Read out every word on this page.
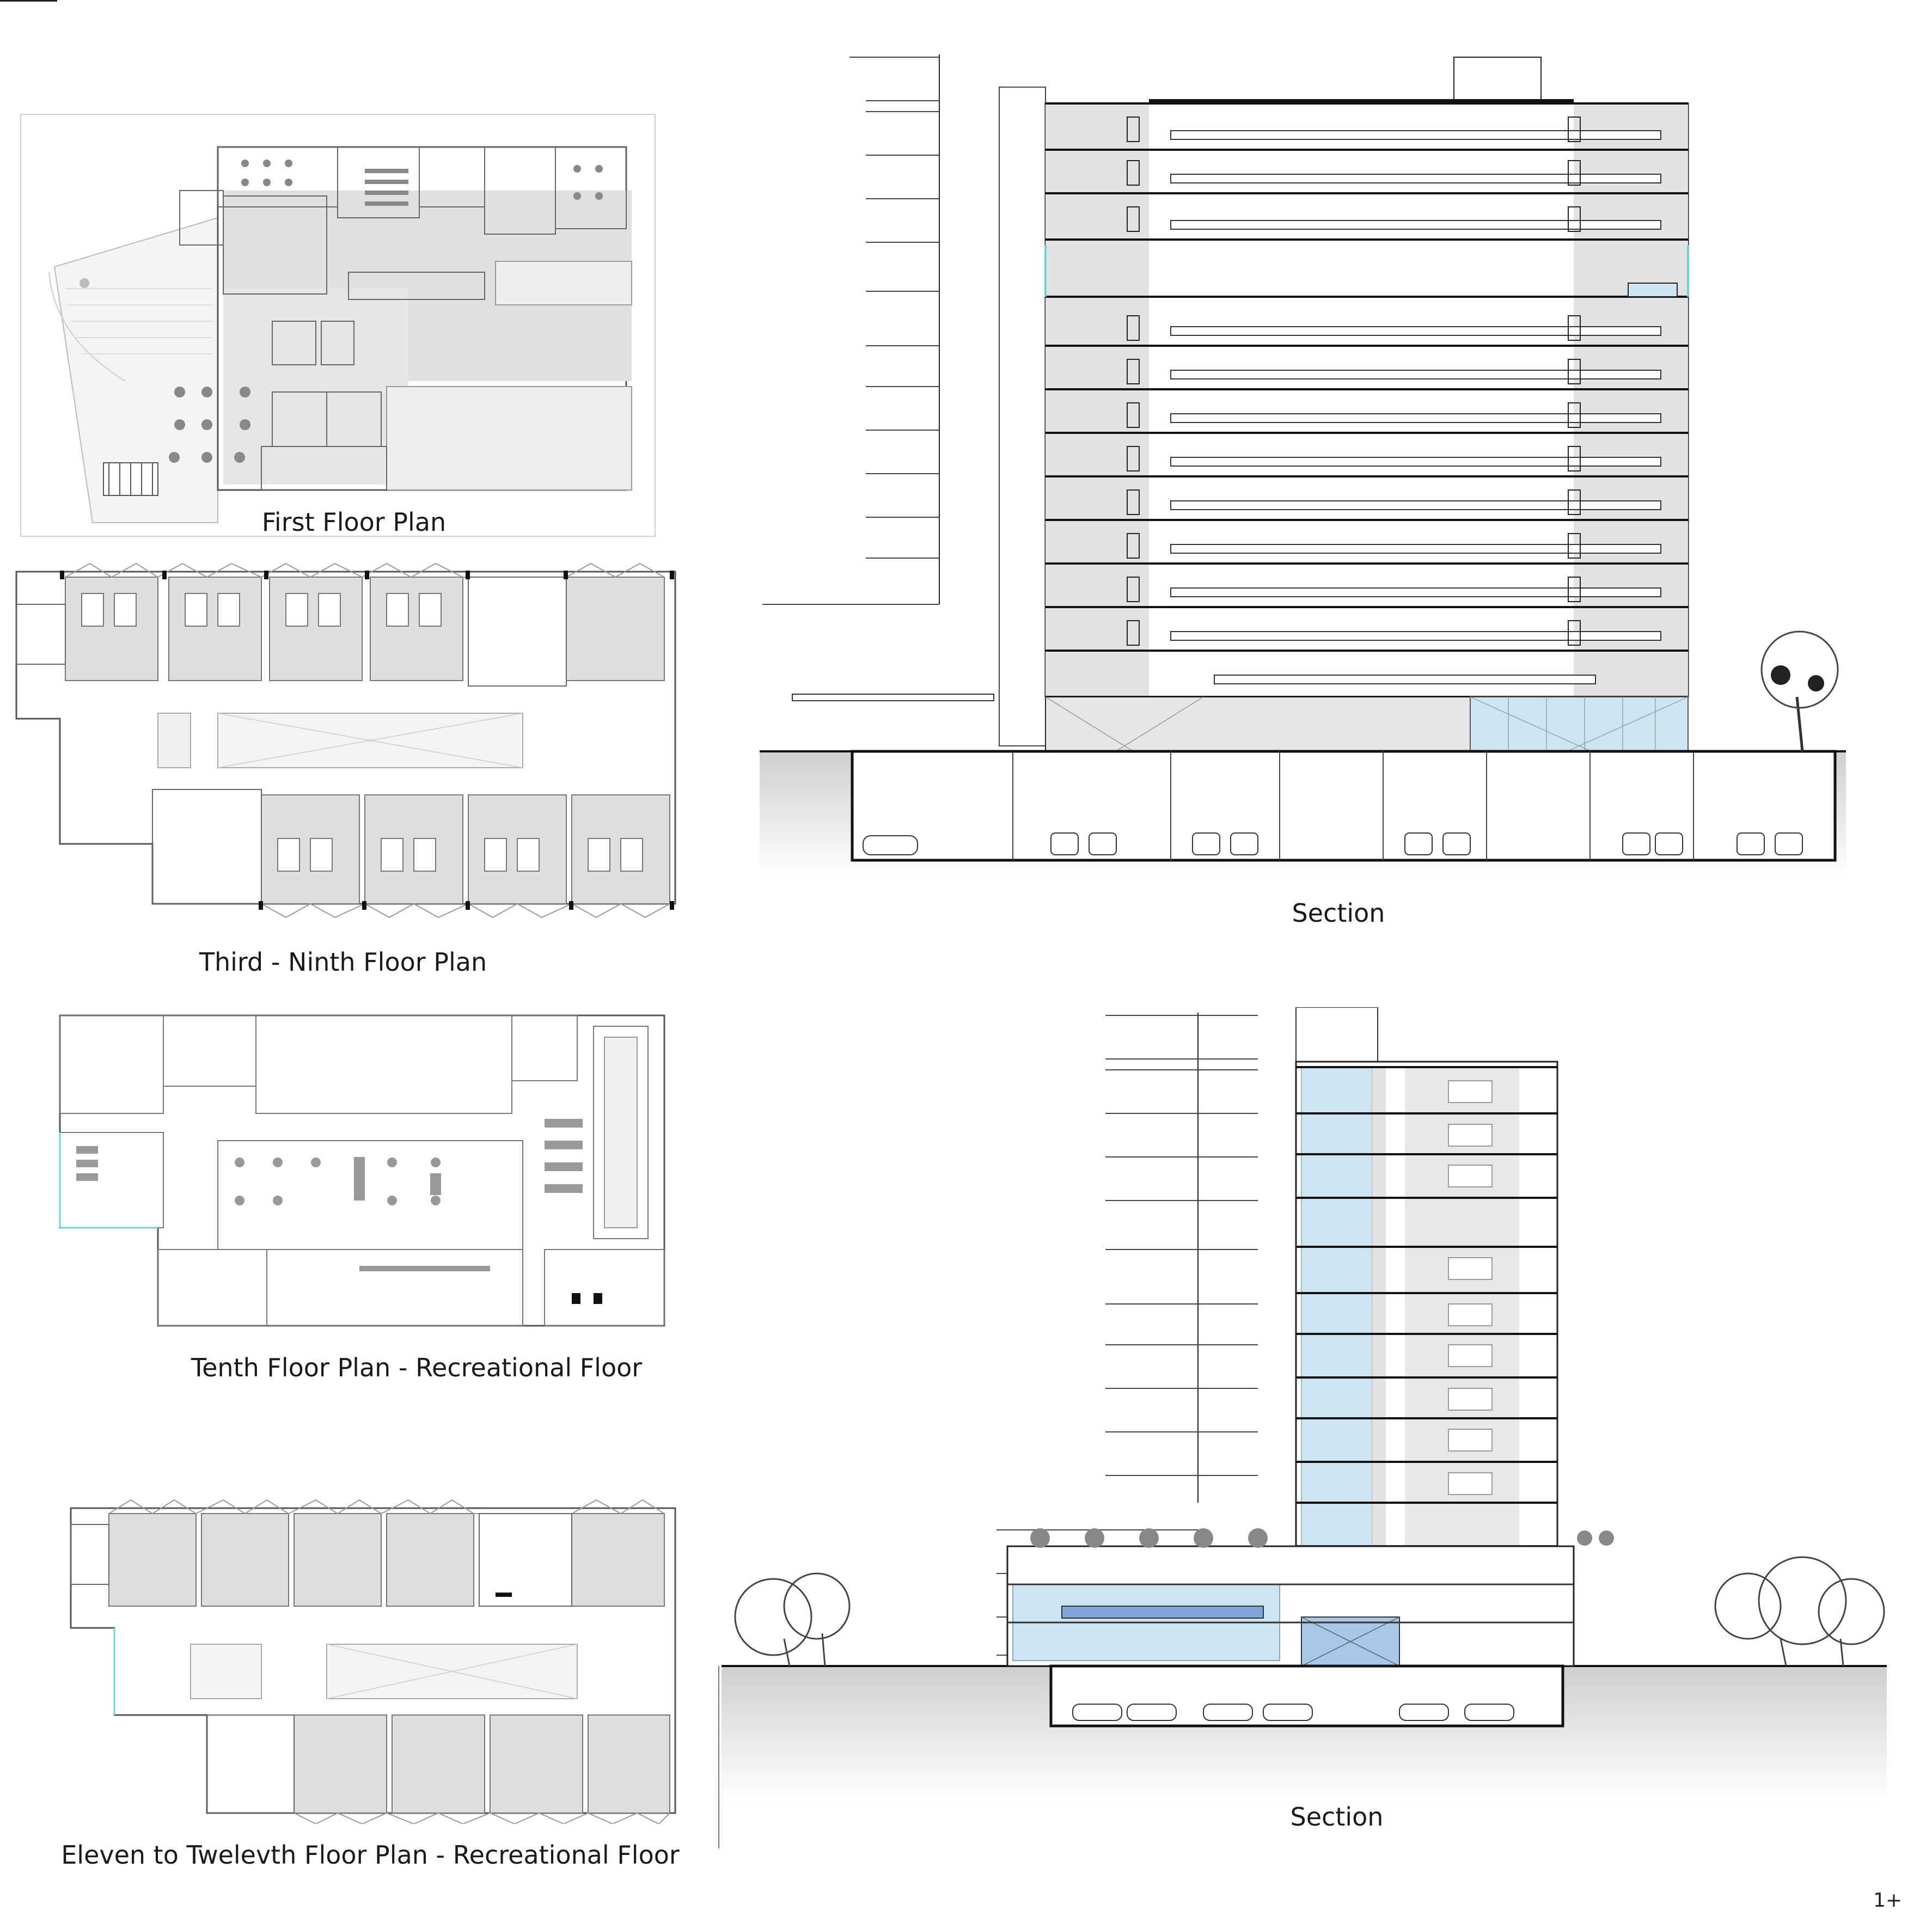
First Floor Plan
Third - Ninth Floor Plan
Tenth Floor Plan - Recreational Floor
Eleven to Twelevth Floor Plan - Recreational Floor
Section
Section
1+
